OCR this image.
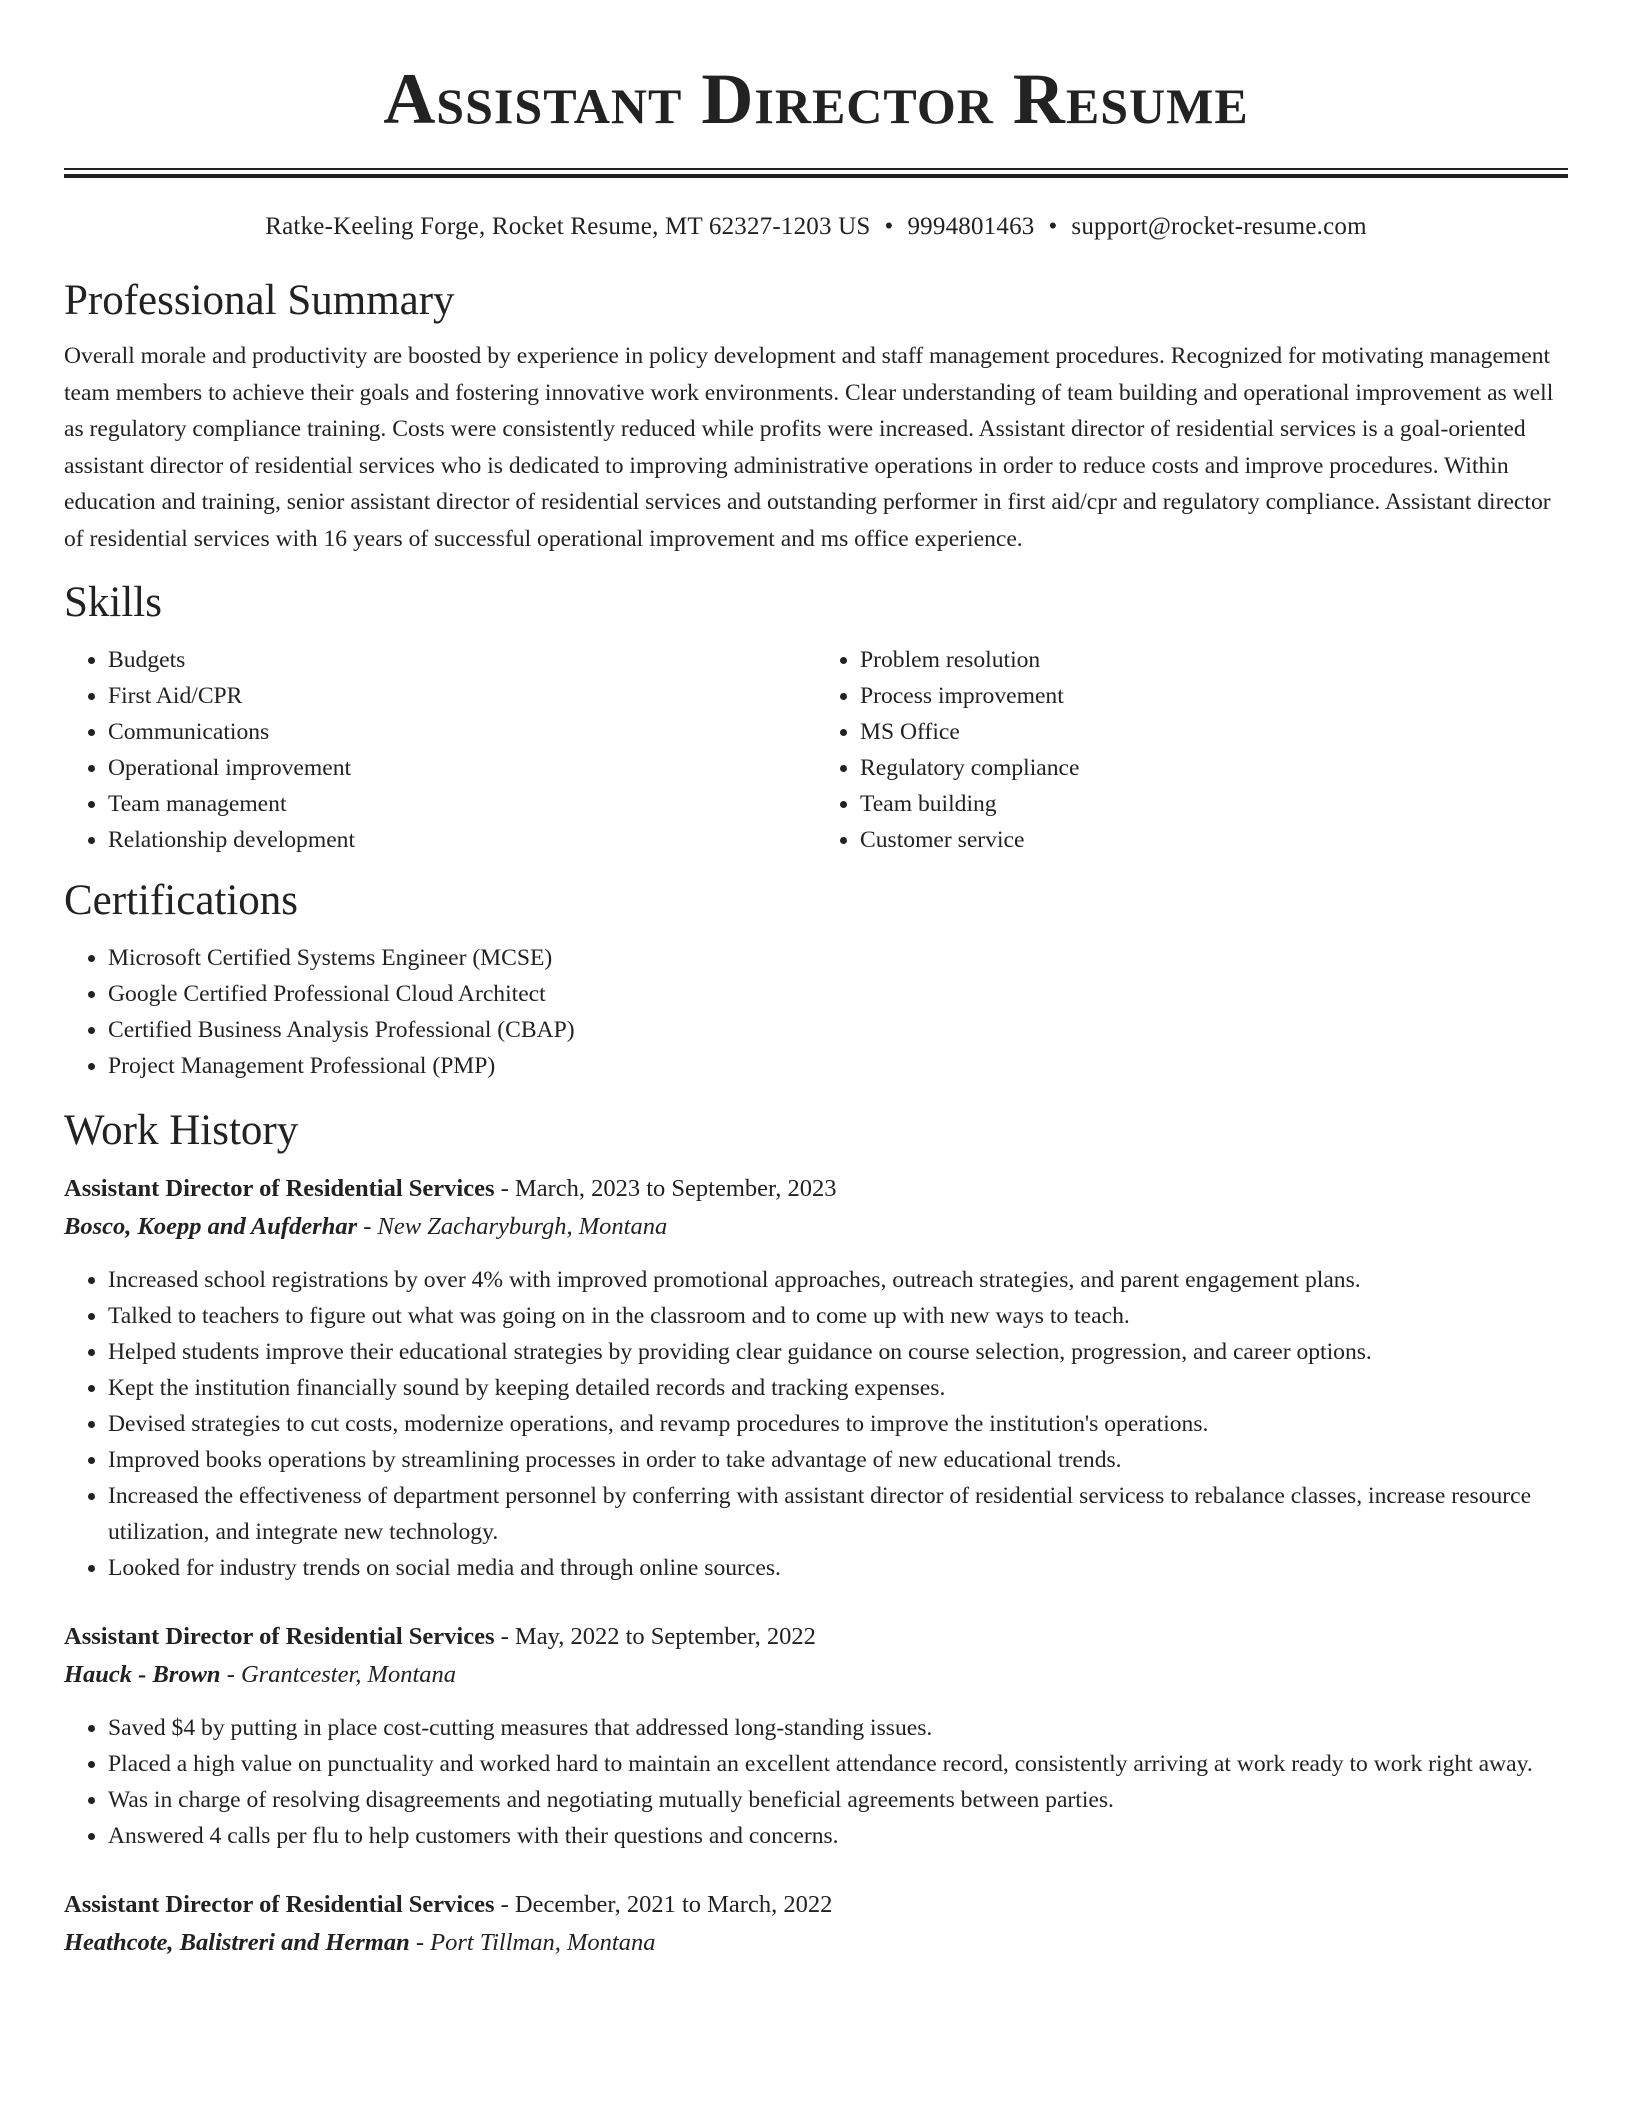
Assistant Director Resume
Ratke-Keeling Forge, Rocket Resume, MT 62327-1203 US • 9994801463 • support@rocket-resume.com
Professional Summary

Overall morale and productivity are boosted by experience in policy development and staff management procedures. Recognized for motivating management team members to achieve their goals and fostering innovative work environments. Clear understanding of team building and operational improvement as well as regulatory compliance training. Costs were consistently reduced while profits were increased. Assistant director of residential services is a goal-oriented assistant director of residential services who is dedicated to improving administrative operations in order to reduce costs and improve procedures. Within education and training, senior assistant director of residential services and outstanding performer in first aid/cpr and regulatory compliance. Assistant director of residential services with 16 years of successful operational improvement and ms office experience.

Skills
• Budgets
• First Aid/CPR
• Communications
• Operational improvement
• Team management
• Relationship development
• Problem resolution
• Process improvement
• MS Office
• Regulatory compliance
• Team building
• Customer service
Certifications
• Microsoft Certified Systems Engineer (MCSE)
• Google Certified Professional Cloud Architect
• Certified Business Analysis Professional (CBAP)
• Project Management Professional (PMP)
Work History
Assistant Director of Residential Services - March, 2023 to September, 2023
Bosco, Koepp and Aufderhar - New Zacharyburgh, Montana
• Increased school registrations by over 4% with improved promotional approaches, outreach strategies, and parent engagement plans.
• Talked to teachers to figure out what was going on in the classroom and to come up with new ways to teach.
• Helped students improve their educational strategies by providing clear guidance on course selection, progression, and career options.
• Kept the institution financially sound by keeping detailed records and tracking expenses.
• Devised strategies to cut costs, modernize operations, and revamp procedures to improve the institution's operations.
• Improved books operations by streamlining processes in order to take advantage of new educational trends.
• Increased the effectiveness of department personnel by conferring with assistant director of residential servicess to rebalance classes, increase resource utilization, and integrate new technology.
• Looked for industry trends on social media and through online sources.
Assistant Director of Residential Services - May, 2022 to September, 2022
Hauck - Brown - Grantcester, Montana
• Saved $4 by putting in place cost-cutting measures that addressed long-standing issues.
• Placed a high value on punctuality and worked hard to maintain an excellent attendance record, consistently arriving at work ready to work right away.
• Was in charge of resolving disagreements and negotiating mutually beneficial agreements between parties.
• Answered 4 calls per flu to help customers with their questions and concerns.
Assistant Director of Residential Services - December, 2021 to March, 2022
Heathcote, Balistreri and Herman - Port Tillman, Montana
